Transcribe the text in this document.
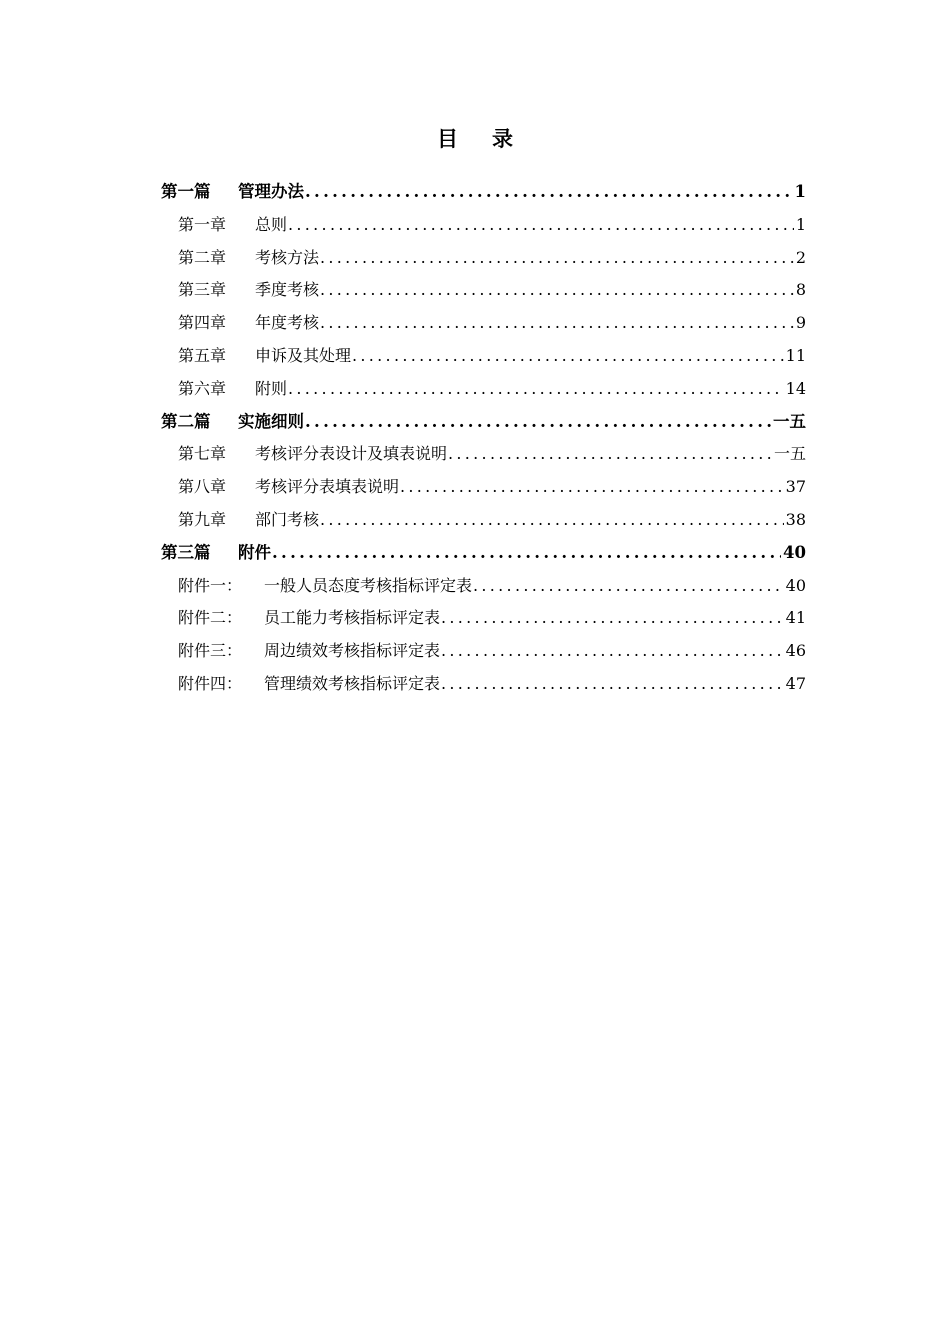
目录
第一篇	管理办法 .....	1
第一章	总则 .....	1
第二章	考核方法 .....	2
第三章	季度考核 .....	8
第四章	年度考核 .....	9
第五章	申诉及其处理 .....	11
第六章	附则 .....	14
第二篇	实施细则 .....	一五
第七章	考核评分表设计及填表说明 .....	一五
第八章	考核评分表填表说明 .....	37
第九章	部门考核 .....	38
第三篇	附件 .....	40
附件一：	一般人员态度考核指标评定表 .....	40
附件二：	员工能力考核指标评定表 .....	41
附件三：	周边绩效考核指标评定表 .....	46
附件四：	管理绩效考核指标评定表 .....	47
